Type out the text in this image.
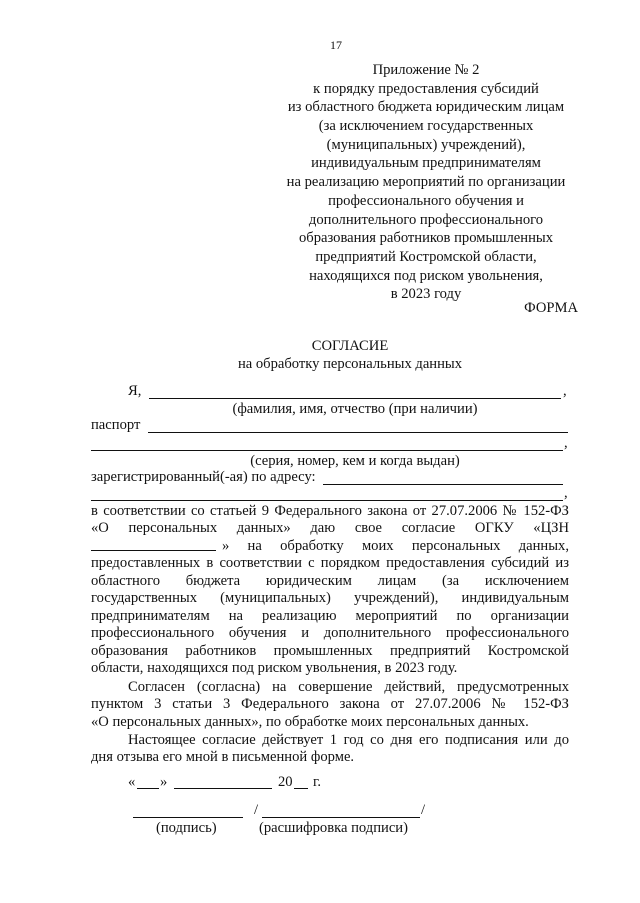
17
Приложение № 2
к порядку предоставления субсидий
из областного бюджета юридическим лицам
(за исключением государственных
(муниципальных) учреждений),
индивидуальным предпринимателям
на реализацию мероприятий по организации
профессионального обучения и
дополнительного профессионального
образования работников промышленных
предприятий Костромской области,
находящихся под риском увольнения,
в 2023 году
ФОРМА
СОГЛАСИЕ
на обработку персональных данных
Я,	,
(фамилия, имя, отчество (при наличии)
паспорт
,
(серия, номер, кем и когда выдан)
зарегистрированный(-ая) по адресу:
,
в соответствии со статьей 9 Федерального закона от 27.07.2006 № 152-ФЗ
«О персональных данных» даю свое согласие ОГКУ «ЦЗН
» на обработку моих персональных данных,
предоставленных в соответствии с порядком предоставления субсидий из
областного бюджета юридическим лицам (за исключением
государственных (муниципальных) учреждений), индивидуальным
предпринимателям на реализацию мероприятий по организации
профессионального обучения и дополнительного профессионального
образования работников промышленных предприятий Костромской
области, находящихся под риском увольнения, в 2023 году.
Согласен (согласна) на совершение действий, предусмотренных
пунктом 3 статьи 3 Федерального закона от 27.07.2006 № 152-ФЗ
«О персональных данных», по обработке моих персональных данных.
Настоящее согласие действует 1 год со дня его подписания или до
дня отзыва его мной в письменной форме.
« »	20 г.
/	/
(подпись)	(расшифровка подписи)
